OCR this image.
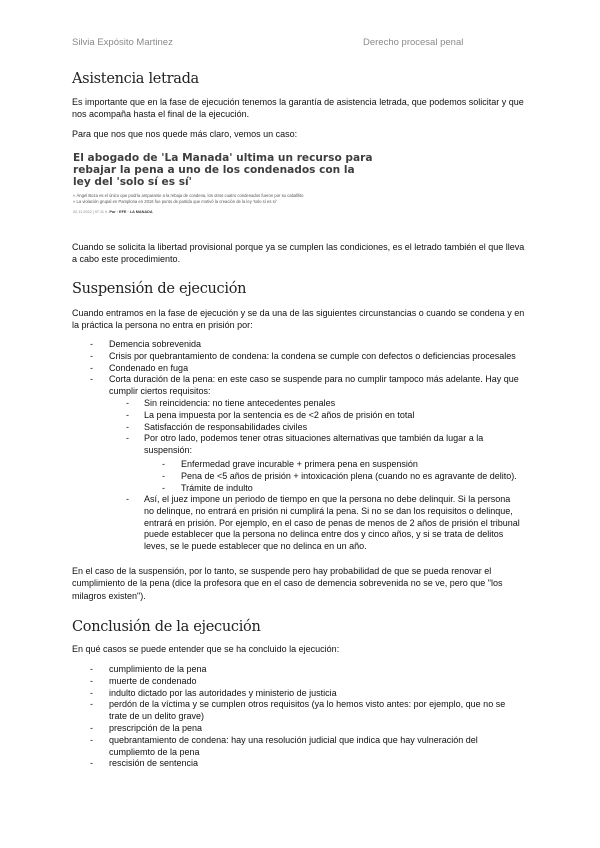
Silvia Expósito Martinez	Derecho procesal penal
Asistencia letrada

Es importante que en la fase de ejecución tenemos la garantía de asistencia letrada, que podemos solicitar y que nos acompaña hasta el final de la ejecución.

Para que nos que nos quede más claro, vemos un caso:

El abogado de 'La Manada' ultima un recurso para rebajar la pena a uno de los condenados con la ley del 'solo sí es sí'

» Ángel Boza es el único que podría ampararse a la rebaja de condena, los otros cuatro condenados fueron por su caballlito
» La violación grupal en Pamplona en 2016 fue punto de partida que motivó la creación de la ley 'solo sí es sí'
02.11.2022 | 07:11 h. Por · EFE · LA MANADA

Cuando se solicita la libertad provisional porque ya se cumplen las condiciones, es el letrado también el que lleva a cabo este procedimiento.

Suspensión de ejecución

Cuando entramos en la fase de ejecución y se da una de las siguientes circunstancias o cuando se condena y en la práctica la persona no entra en prisión por:

- Demencia sobrevenida
- Crisis por quebrantamiento de condena: la condena se cumple con defectos o deficiencias procesales
- Condenado en fuga
- Corta duración de la pena: en este caso se suspende para no cumplir tampoco más adelante. Hay que cumplir ciertos requisitos:
- Sin reincidencia: no tiene antecedentes penales
- La pena impuesta por la sentencia es de <2 años de prisión en total
- Satisfacción de responsabilidades civiles
- Por otro lado, podemos tener otras situaciones alternativas que también da lugar a la suspensión:
- Enfermedad grave incurable + primera pena en suspensión
- Pena de <5 años de prisión + intoxicación plena (cuando no es agravante de delito).
- Trámite de indulto
- Así, el juez impone un periodo de tiempo en que la persona no debe delinquir. Si la persona no delinque, no entrará en prisión ni cumplirá la pena. Si no se dan los requisitos o delinque, entrará en prisión. Por ejemplo, en el caso de penas de menos de 2 años de prisión el tribunal puede establecer que la persona no delinca entre dos y cinco años, y si se trata de delitos leves, se le puede establecer que no delinca en un año.

En el caso de la suspensión, por lo tanto, se suspende pero hay probabilidad de que se pueda renovar el cumplimiento de la pena (dice la profesora que en el caso de demencia sobrevenida no se ve, pero que "los milagros existen").

Conclusión de la ejecución

En qué casos se puede entender que se ha concluido la ejecución:

- cumplimiento de la pena
- muerte de condenado
- indulto dictado por las autoridades y ministerio de justicia
- perdón de la víctima y se cumplen otros requisitos (ya lo hemos visto antes: por ejemplo, que no se trate de un delito grave)
- prescripción de la pena
- quebrantamiento de condena: hay una resolución judicial que indica que hay vulneración del cumpliemto de la pena
- rescisión de sentencia
